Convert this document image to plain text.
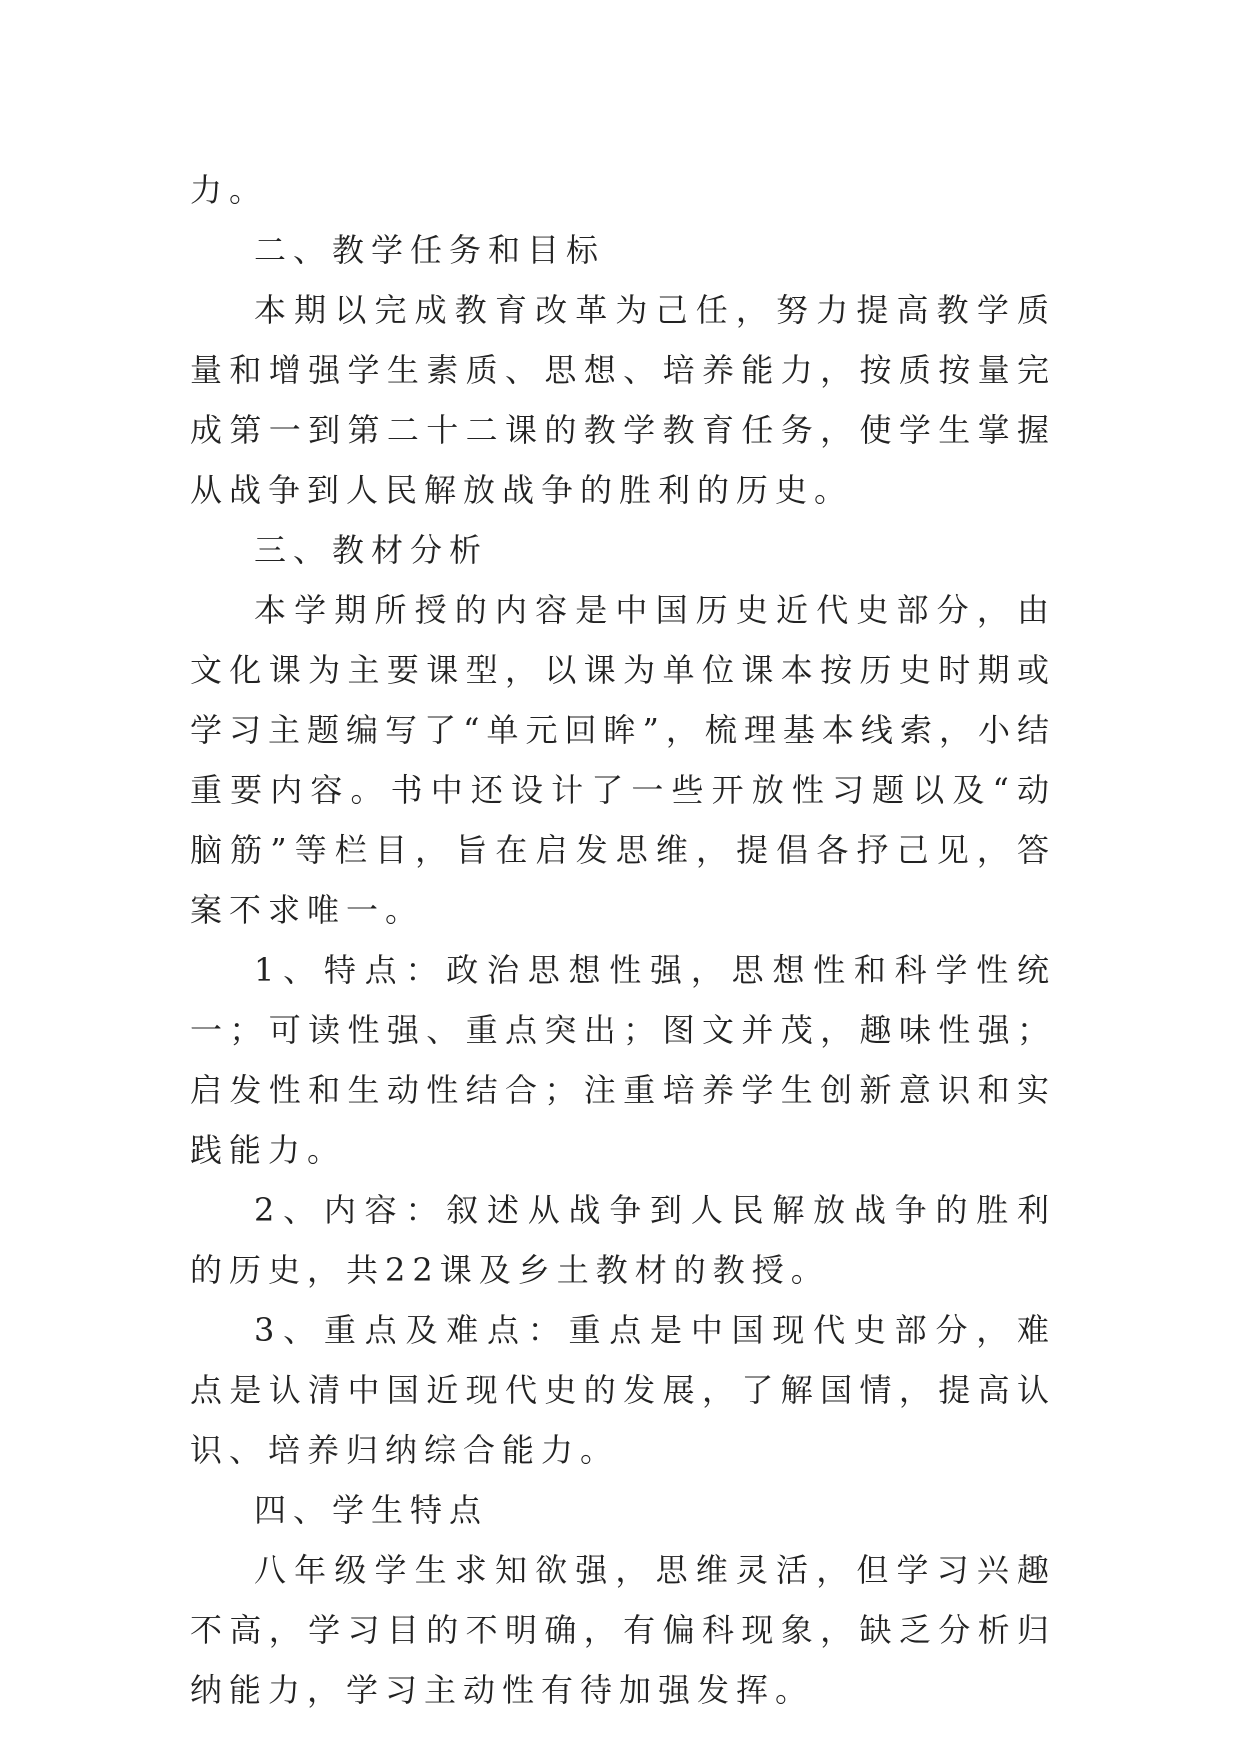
力。

二、教学任务和目标

本期以完成教育改革为己任，努力提高教学质量和增强学生素质、思想、培养能力，按质按量完成第一到第二十二课的教学教育任务，使学生掌握从战争到人民解放战争的胜利的历史。

三、教材分析

本学期所授的内容是中国历史近代史部分，由文化课为主要课型，以课为单位课本按历史时期或学习主题编写了“单元回眸”，梳理基本线索，小结重要内容。书中还设计了一些开放性习题以及“动脑筋”等栏目，旨在启发思维，提倡各抒己见，答案不求唯一。

1、特点：政治思想性强，思想性和科学性统一；可读性强、重点突出；图文并茂，趣味性强；启发性和生动性结合；注重培养学生创新意识和实践能力。

2、内容：叙述从战争到人民解放战争的胜利的历史，共22课及乡土教材的教授。

3、重点及难点：重点是中国现代史部分，难点是认清中国近现代史的发展，了解国情，提高认识、培养归纳综合能力。

四、学生特点

八年级学生求知欲强，思维灵活，但学习兴趣不高，学习目的不明确，有偏科现象，缺乏分析归纳能力，学习主动性有待加强发挥。
